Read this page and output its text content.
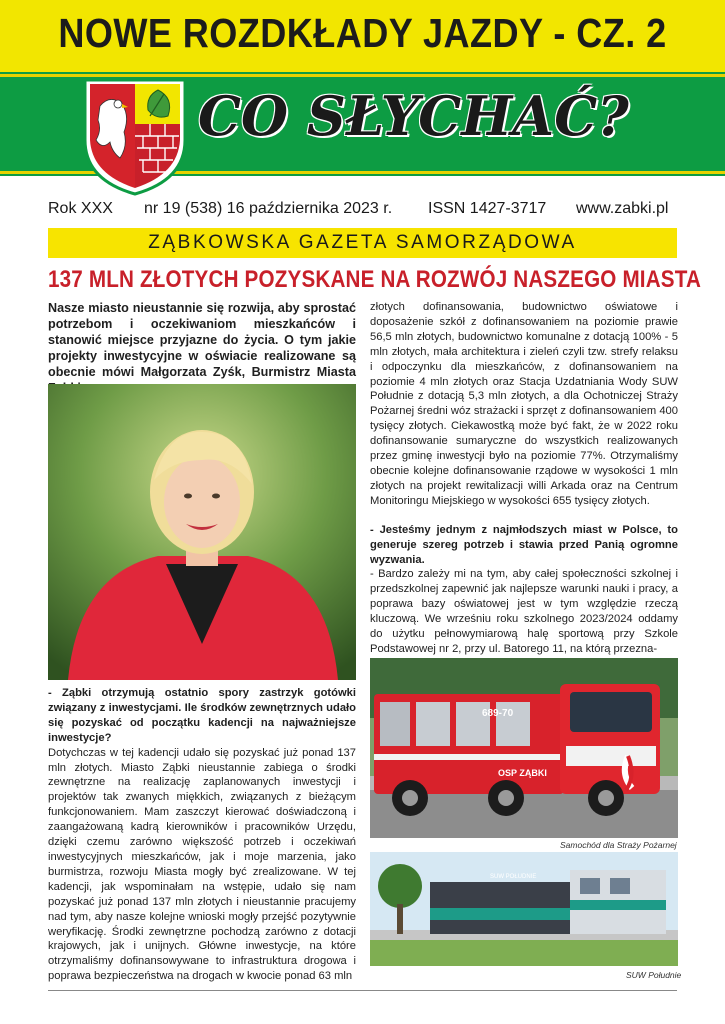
NOWE ROZDKŁADY JAZDY - CZ. 2
CO SŁYCHAĆ?
Rok XXX nr 19 (538) 16 października 2023 r. ISSN 1427-3717 www.zabki.pl
ZĄBKOWSKA GAZETA SAMORZĄDOWA
137 MLN ZŁOTYCH POZYSKANE NA ROZWÓJ NASZEGO MIASTA

Nasze miasto nieustannie się rozwija, aby sprostać potrzebom i oczekiwaniom mieszkańców i stanowić miejsce przyjazne do życia. O tym jakie projekty inwestycyjne w oświacie realizowane są obecnie mówi Małgorzata Zyśk, Burmistrz Miasta

- Ząbki otrzymują ostatnio spory zastrzyk gotówki związany z inwestycjami. Ile środków zewnętrznych udało się pozyskać od początku kadencji na najważniejsze inwestycje?

Dotychczas w tej kadencji udało się pozyskać już ponad 137 mln złotych. Miasto Ząbki nieustannie zabiega o środki zewnętrzne na realizację zaplanowanych inwestycji i projektów tak zwanych miękkich, związanych z bieżącym funkcjonowaniem. Mam zaszczyt kierować doświadczoną i zaangażowaną kadrą kierowników i pracowników Urzędu, dzięki czemu zarówno większość potrzeb i oczekiwań inwestycyjnych mieszkańców, jak i moje marzenia, jako burmistrza, rozwoju Miasta mogły być zrealizowane. W tej kadencji, jak wspominałam na wstępie, udało się nam pozyskać już ponad 137 mln złotych i nieustannie pracujemy nad tym, aby nasze kolejne wnioski mogły przejść pozytywnie weryfikację. Środki zewnętrzne pochodzą zarówno z dotacji krajowych, jak i unijnych. Główne inwestycje, na które otrzymaliśmy dofinansowywane to infrastruktura drogowa i poprawa bezpieczeństwa na drogach w kwocie ponad 63 mln

złotych dofinansowania, budownictwo oświatowe i doposażenie szkół z dofinansowaniem na poziomie prawie 56,5 mln złotych, budownictwo komunalne z dotacją 100% - 5 mln złotych, mała architektura i zieleń czyli tzw. strefy relaksu i odpoczynku dla mieszkańców, z dofinansowaniem na poziomie 4 mln złotych oraz Stacja Uzdatniania Wody SUW Południe z dotacją 5,3 mln złotych, a dla Ochotniczej Straży Pożarnej średni wóz strażacki i sprzęt z dofinansowaniem 400 tysięcy złotych. Ciekawostką może być fakt, że w 2022 roku dofinansowanie sumaryczne do wszystkich realizowanych przez gminę inwestycji było na poziomie 77%. Otrzymaliśmy obecnie kolejne dofinansowanie rządowe w wysokości 1 mln złotych na projekt rewitalizacji willi Arkada oraz na Centrum Monitoringu Miejskiego w wysokości 655 tysięcy złotych.

- Jesteśmy jednym z najmłodszych miast w Polsce, to generuje szereg potrzeb i stawia przed Panią ogromne wyzwania.

- Bardzo zależy mi na tym, aby całej społeczności szkolnej i przedszkolnej zapewnić jak najlepsze warunki nauki i pracy, a poprawa bazy oświatowej jest w tym względzie rzeczą kluczową. We wrześniu roku szkolnego 2023/2024 oddamy do użytku pełnowymiarową halę sportową przy Szkole Podstawowej nr 2, przy ul. Batorego 11, na którą przezna-

689-70
OSP ZĄBKI
Samochód dla Straży Pożarnej
SUW POŁUDNIE
SUW Południe
